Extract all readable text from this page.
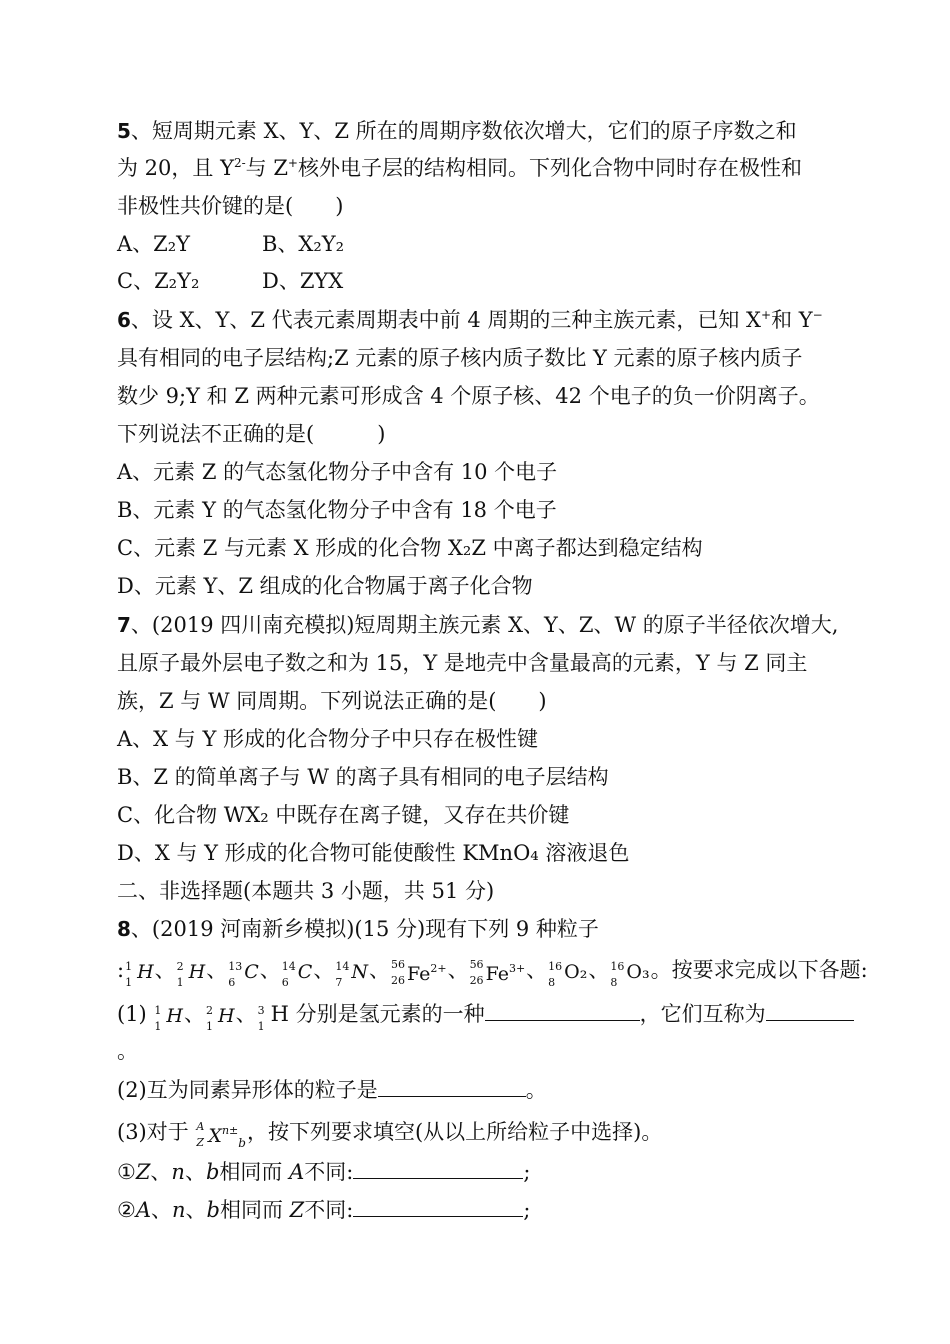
5、短周期元素 X、Y、Z 所在的周期序数依次增大，它们的原子序数之和
为 20，且 $Y^{2-}$与 Z+核外电子层的结构相同。下列化合物中同时存在极性和
非极性共价键的是(　　)
A、Z₂Y	B、X₂Y₂
C、Z₂Y₂	D、ZYX
6、设 X、Y、Z 代表元素周期表中前 4 周期的三种主族元素，已知 X+和 Y−
具有相同的电子层结构;Z 元素的原子核内质子数比 Y 元素的原子核内质子
数少 9;Y 和 Z 两种元素可形成含 4 个原子核、42 个电子的负一价阴离子。
下列说法不正确的是(　　　)
A、元素 Z 的气态氢化物分子中含有 10 个电子
B、元素 Y 的气态氢化物分子中含有 18 个电子
C、元素 Z 与元素 X 形成的化合物 X₂Z 中离子都达到稳定结构
D、元素 Y、Z 组成的化合物属于离子化合物
7、(2019 四川南充模拟)短周期主族元素 X、Y、Z、W 的原子半径依次增大,
且原子最外层电子数之和为 15，Y 是地壳中含量最高的元素，Y 与 Z 同主
族，Z 与 W 同周期。下列说法正确的是(　　)
A、X 与 Y 形成的化合物分子中只存在极性键
B、Z 的简单离子与 W 的离子具有相同的电子层结构
C、化合物 WX₂ 中既存在离子键，又存在共价键
D、X 与 Y 形成的化合物可能使酸性 KMnO₄ 溶液退色
二、非选择题(本题共 3 小题，共 51 分)
8、(2019 河南新乡模拟)(15 分)现有下列 9 种粒子
: 1
1 H、 2
1 H、 13
6 C、 14
6 C、 14
7 N、 56
26 $Fe^{2+}$、 56
26 $Fe^{3+}$、 16
8 O₂、 16
8 O₃。按要求完成以下各题:
(1) 1
1 H、 2
1 H、 3
1
H 分别是氢元素的一种	，它们互称为
。
(2)互为同素异形体的粒子是	。
(3)对于 A
Z $X^{n\pm}_b$，按下列要求填空(从以上所给粒子中选择)。
①Z、n、b相同而 A不同:	;
②A、n、b相同而 Z不同:	;
